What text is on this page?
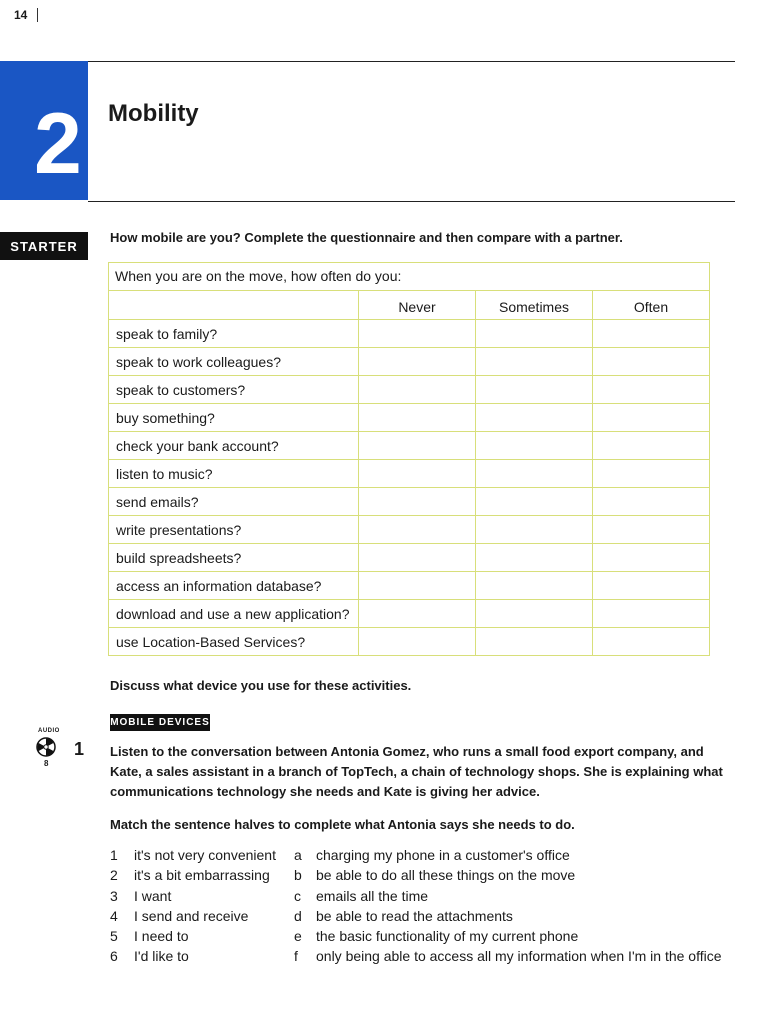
14
2 Mobility
STARTER
How mobile are you? Complete the questionnaire and then compare with a partner.
When you are on the move, how often do you:
Never	Sometimes	Often
speak to family?
speak to work colleagues?
speak to customers?
buy something?
check your bank account?
listen to music?
send emails?
write presentations?
build spreadsheets?
access an information database?
download and use a new application?
use Location-Based Services?
Discuss what device you use for these activities.
MOBILE DEVICES
AUDIO
8
1 Listen to the conversation between Antonia Gomez, who runs a small food export company, and Kate, a sales assistant in a branch of TopTech, a chain of technology shops. She is explaining what communications technology she needs and Kate is giving her advice.
Match the sentence halves to complete what Antonia says she needs to do.
1 it's not very convenient a charging my phone in a customer's office
2 it's a bit embarrassing b be able to do all these things on the move
3 I want	c emails all the time
4 I send and receive	d be able to read the attachments
5 I need to	e the basic functionality of my current phone
6 I'd like to	f only being able to access all my information when I'm in the office
